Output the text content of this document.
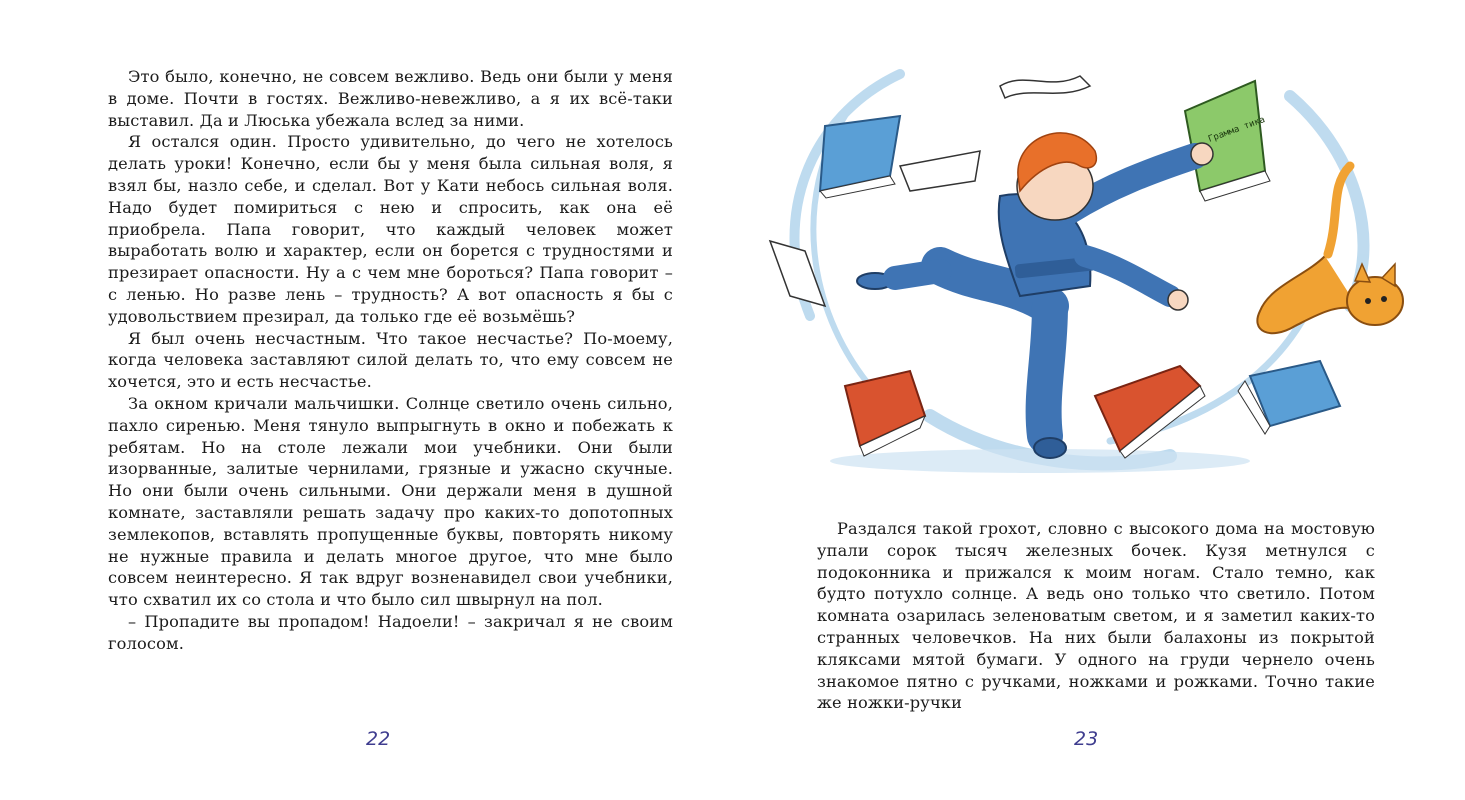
Это было, конечно, не совсем вежливо. Ведь они были у меня в доме. Почти в гостях. Вежливо-невежливо, а я их всё-таки выставил. Да и Люська убежала вслед за ними.

Я остался один. Просто удивительно, до чего не хотелось делать уроки! Конечно, если бы у меня была сильная воля, я взял бы, назло себе, и сделал. Вот у Кати небось сильная воля. Надо будет помириться с нею и спросить, как она её приобрела. Папа говорит, что каждый человек может выработать волю и характер, если он борется с трудностями и презирает опасности. Ну а с чем мне бороться? Папа говорит – с ленью. Но разве лень – трудность? А вот опасность я бы с удовольствием презирал, да только где её возьмёшь?

Я был очень несчастным. Что такое несчастье? По-моему, когда человека заставляют силой делать то, что ему совсем не хочется, это и есть несчастье.

За окном кричали мальчишки. Солнце светило очень сильно, пахло сиренью. Меня тянуло выпрыгнуть в окно и побежать к ребятам. Но на столе лежали мои учебники. Они были изорванные, залитые чернилами, грязные и ужасно скучные. Но они были очень сильными. Они держали меня в душной комнате, заставляли решать задачу про каких-то допотопных землекопов, вставлять пропущенные буквы, повторять никому не нужные правила и делать многое другое, что мне было совсем неинтересно. Я так вдруг возненавидел свои учебники, что схватил их со стола и что было сил швырнул на пол.

– Пропадите вы пропадом! Надоели! – закричал я не своим голосом.

22
Грамма тика

Раздался такой грохот, словно с высокого дома на мостовую упали сорок тысяч железных бочек. Кузя метнулся с подоконника и прижался к моим ногам. Стало темно, как будто потухло солнце. А ведь оно только что светило. Потом комната озарилась зеленоватым светом, и я заметил каких-то странных человечков. На них были балахоны из покрытой кляксами мятой бумаги. У одного на груди чернело очень знакомое пятно с ручками, ножками и рожками. Точно такие же ножки-ручки

23
